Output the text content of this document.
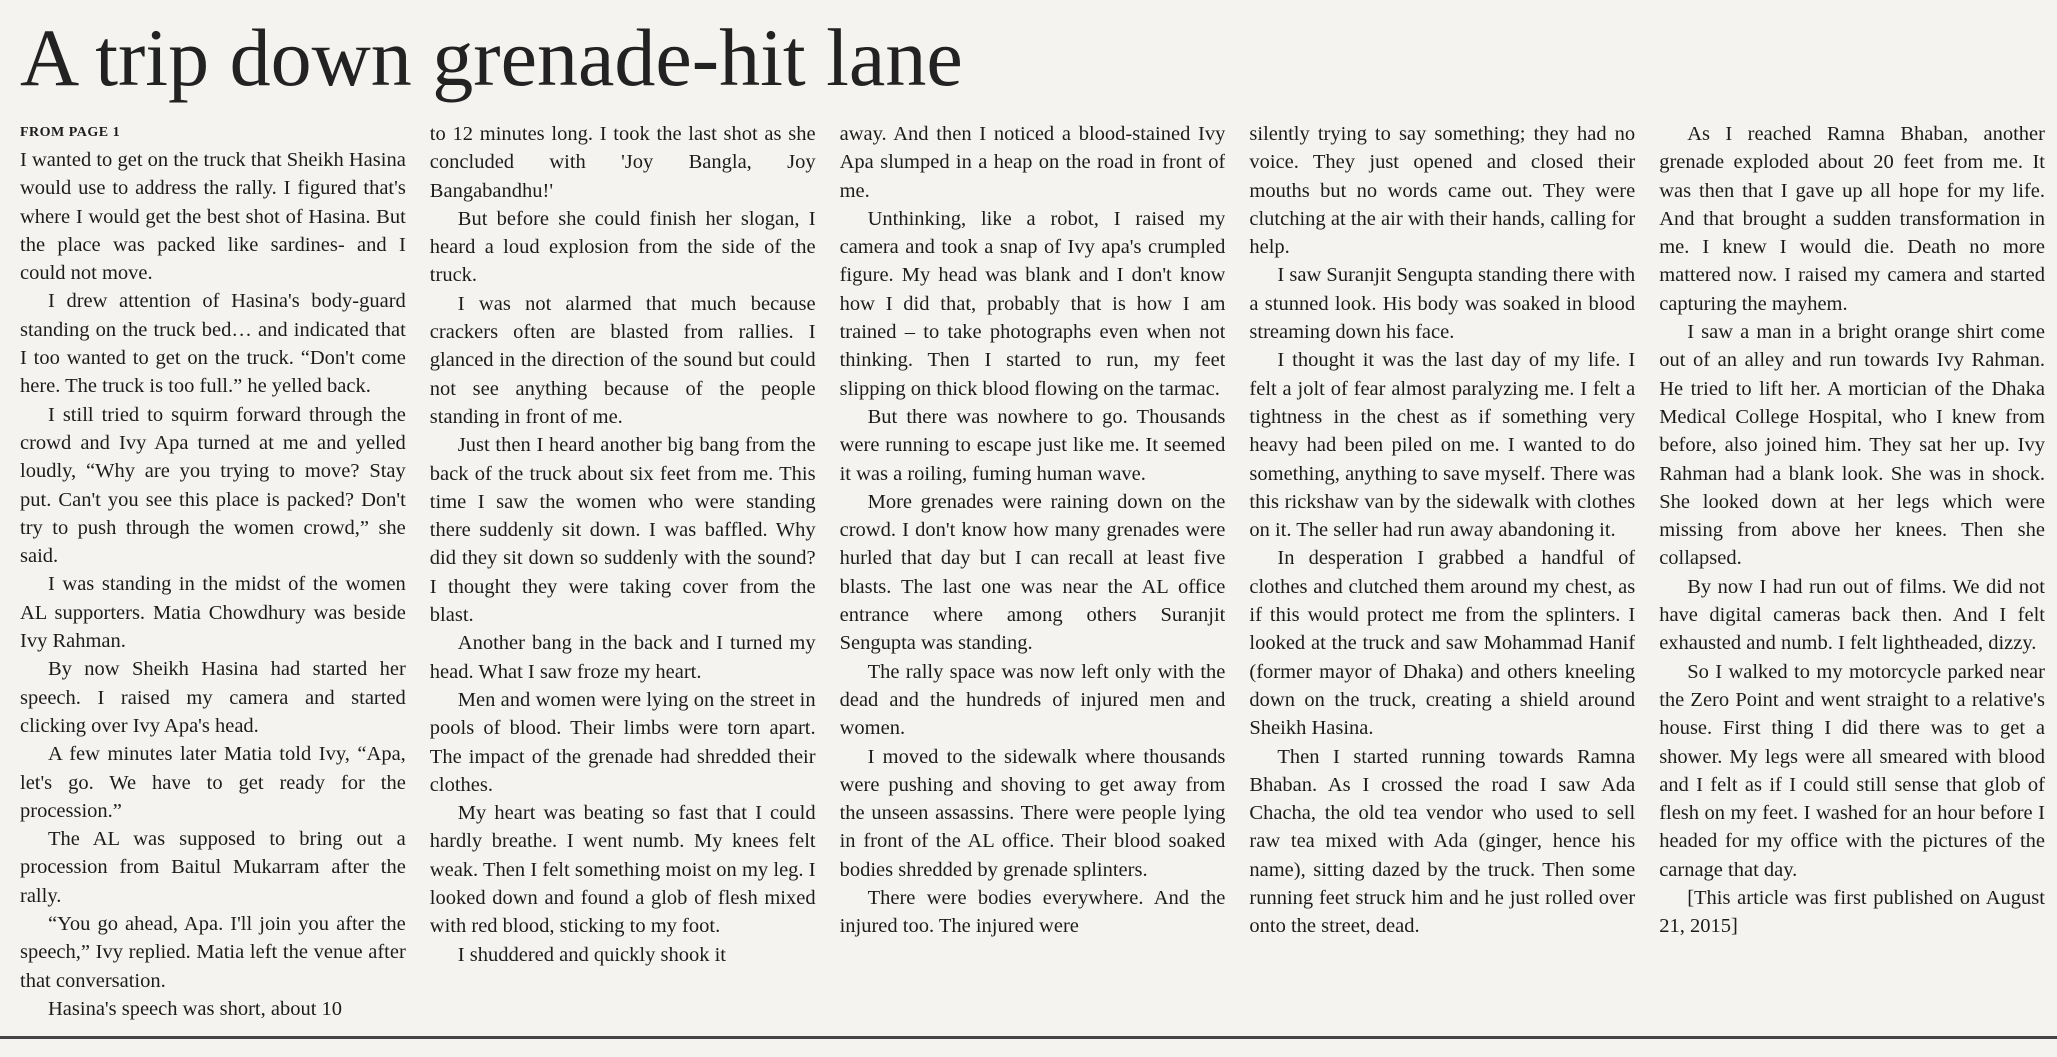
A trip down grenade-hit lane
FROM PAGE 1

I wanted to get on the truck that Sheikh Hasina would use to address the rally. I figured that's where I would get the best shot of Hasina. But the place was packed like sardines- and I could not move.

I drew attention of Hasina's body-guard standing on the truck bed… and indicated that I too wanted to get on the truck. “Don't come here. The truck is too full.” he yelled back.

I still tried to squirm forward through the crowd and Ivy Apa turned at me and yelled loudly, “Why are you trying to move? Stay put. Can't you see this place is packed? Don't try to push through the women crowd,” she said.

I was standing in the midst of the women AL supporters. Matia Chowdhury was beside Ivy Rahman.

By now Sheikh Hasina had started her speech. I raised my camera and started clicking over Ivy Apa's head.

A few minutes later Matia told Ivy, “Apa, let's go. We have to get ready for the procession.”

The AL was supposed to bring out a procession from Baitul Mukarram after the rally.

“You go ahead, Apa. I'll join you after the speech,” Ivy replied. Matia left the venue after that conversation.

Hasina's speech was short, about 10

to 12 minutes long. I took the last shot as she concluded with 'Joy Bangla, Joy Bangabandhu!'

But before she could finish her slogan, I heard a loud explosion from the side of the truck.

I was not alarmed that much because crackers often are blasted from rallies. I glanced in the direction of the sound but could not see anything because of the people standing in front of me.

Just then I heard another big bang from the back of the truck about six feet from me. This time I saw the women who were standing there suddenly sit down. I was baffled. Why did they sit down so suddenly with the sound? I thought they were taking cover from the blast.

Another bang in the back and I turned my head. What I saw froze my heart.

Men and women were lying on the street in pools of blood. Their limbs were torn apart. The impact of the grenade had shredded their clothes.

My heart was beating so fast that I could hardly breathe. I went numb. My knees felt weak. Then I felt something moist on my leg. I looked down and found a glob of flesh mixed with red blood, sticking to my foot.

I shuddered and quickly shook it

away. And then I noticed a blood-stained Ivy Apa slumped in a heap on the road in front of me.

Unthinking, like a robot, I raised my camera and took a snap of Ivy apa's crumpled figure. My head was blank and I don't know how I did that, probably that is how I am trained – to take photographs even when not thinking. Then I started to run, my feet slipping on thick blood flowing on the tarmac.

But there was nowhere to go. Thousands were running to escape just like me. It seemed it was a roiling, fuming human wave.

More grenades were raining down on the crowd. I don't know how many grenades were hurled that day but I can recall at least five blasts. The last one was near the AL office entrance where among others Suranjit Sengupta was standing.

The rally space was now left only with the dead and the hundreds of injured men and women.

I moved to the sidewalk where thousands were pushing and shoving to get away from the unseen assassins. There were people lying in front of the AL office. Their blood soaked bodies shredded by grenade splinters.

There were bodies everywhere. And the injured too. The injured were

silently trying to say something; they had no voice. They just opened and closed their mouths but no words came out. They were clutching at the air with their hands, calling for help.

I saw Suranjit Sengupta standing there with a stunned look. His body was soaked in blood streaming down his face.

I thought it was the last day of my life. I felt a jolt of fear almost paralyzing me. I felt a tightness in the chest as if something very heavy had been piled on me. I wanted to do something, anything to save myself. There was this rickshaw van by the sidewalk with clothes on it. The seller had run away abandoning it.

In desperation I grabbed a handful of clothes and clutched them around my chest, as if this would protect me from the splinters. I looked at the truck and saw Mohammad Hanif (former mayor of Dhaka) and others kneeling down on the truck, creating a shield around Sheikh Hasina.

Then I started running towards Ramna Bhaban. As I crossed the road I saw Ada Chacha, the old tea vendor who used to sell raw tea mixed with Ada (ginger, hence his name), sitting dazed by the truck. Then some running feet struck him and he just rolled over onto the street, dead.

As I reached Ramna Bhaban, another grenade exploded about 20 feet from me. It was then that I gave up all hope for my life. And that brought a sudden transformation in me. I knew I would die. Death no more mattered now. I raised my camera and started capturing the mayhem.

I saw a man in a bright orange shirt come out of an alley and run towards Ivy Rahman. He tried to lift her. A mortician of the Dhaka Medical College Hospital, who I knew from before, also joined him. They sat her up. Ivy Rahman had a blank look. She was in shock. She looked down at her legs which were missing from above her knees. Then she collapsed.

By now I had run out of films. We did not have digital cameras back then. And I felt exhausted and numb. I felt lightheaded, dizzy.

So I walked to my motorcycle parked near the Zero Point and went straight to a relative's house. First thing I did there was to get a shower. My legs were all smeared with blood and I felt as if I could still sense that glob of flesh on my feet. I washed for an hour before I headed for my office with the pictures of the carnage that day.

[This article was first published on August 21, 2015]
